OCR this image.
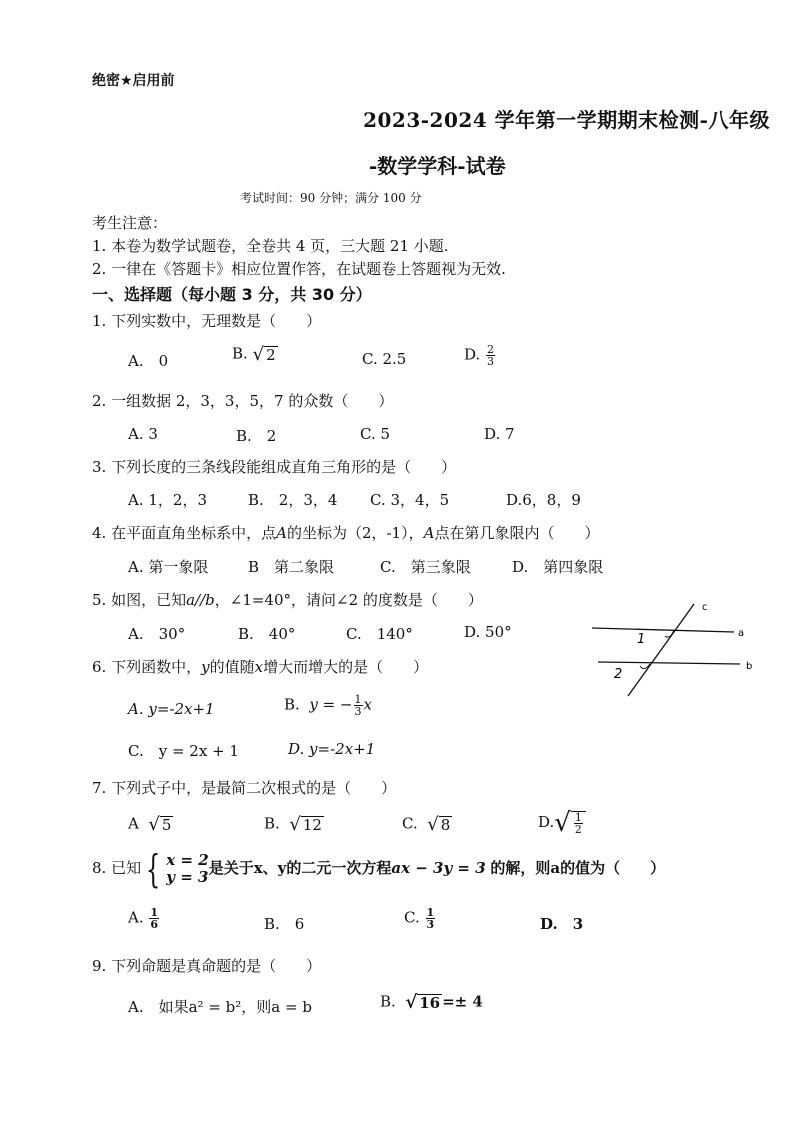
绝密★启用前
2023-2024 学年第一学期期末检测-八年级
-数学学科-试卷
考试时间：90 分钟；满分 100 分
考生注意：
1. 本卷为数学试题卷，全卷共 4 页，三大题 21 小题.
2. 一律在《答题卡》相应位置作答，在试题卷上答题视为无效.
一、选择题（每小题 3 分，共 30 分）
1. 下列实数中，无理数是（　　）
A.　0	B. √ 2	C. 2.5	D. $\frac{2}{3}$
2. 一组数据 2，3，3，5，7 的众数（　　）
A. 3	B.　2	C. 5	D. 7
3. 下列长度的三条线段能组成直角三角形的是（　　）
A. 1，2，3	B.　2，3，4 C. 3，4，5	D.6，8，9
4. 在平面直角坐标系中，点A的坐标为（2，-1），A点在第几象限内（　　）
A. 第一象限	B　第二象限	C.　第三象限	D.　第四象限
5. 如图，已知a//b，∠1=40°，请问∠2 的度数是（　　）
A.　30°	B.　40°	C.　140°	D. 50°
c
a
b
1
2
6. 下列函数中，y的值随x增大而增大的是（　　）
A. y=-2x+1	B. y = − $\frac{1}{3}$ x
C.　y = 2x + 1	D. y=-2x+1
7. 下列式子中，是最简二次根式的是（　　）
A √ 5	B. √ 12	C. √ 8	$D.√ \frac{1}{2}$
8. 已知 { x = 2
y = 3 是关于x、y的二元一次方程ax − 3y = 3 的解，则a的值为（　　）
A. $\frac{1}{6}$	B.　6	C. $\frac{1}{3}$	D.　3
9. 下列命题是真命题的是（　　）
A.　如果a² = b²，则a = b	B. √ 16 =± 4
